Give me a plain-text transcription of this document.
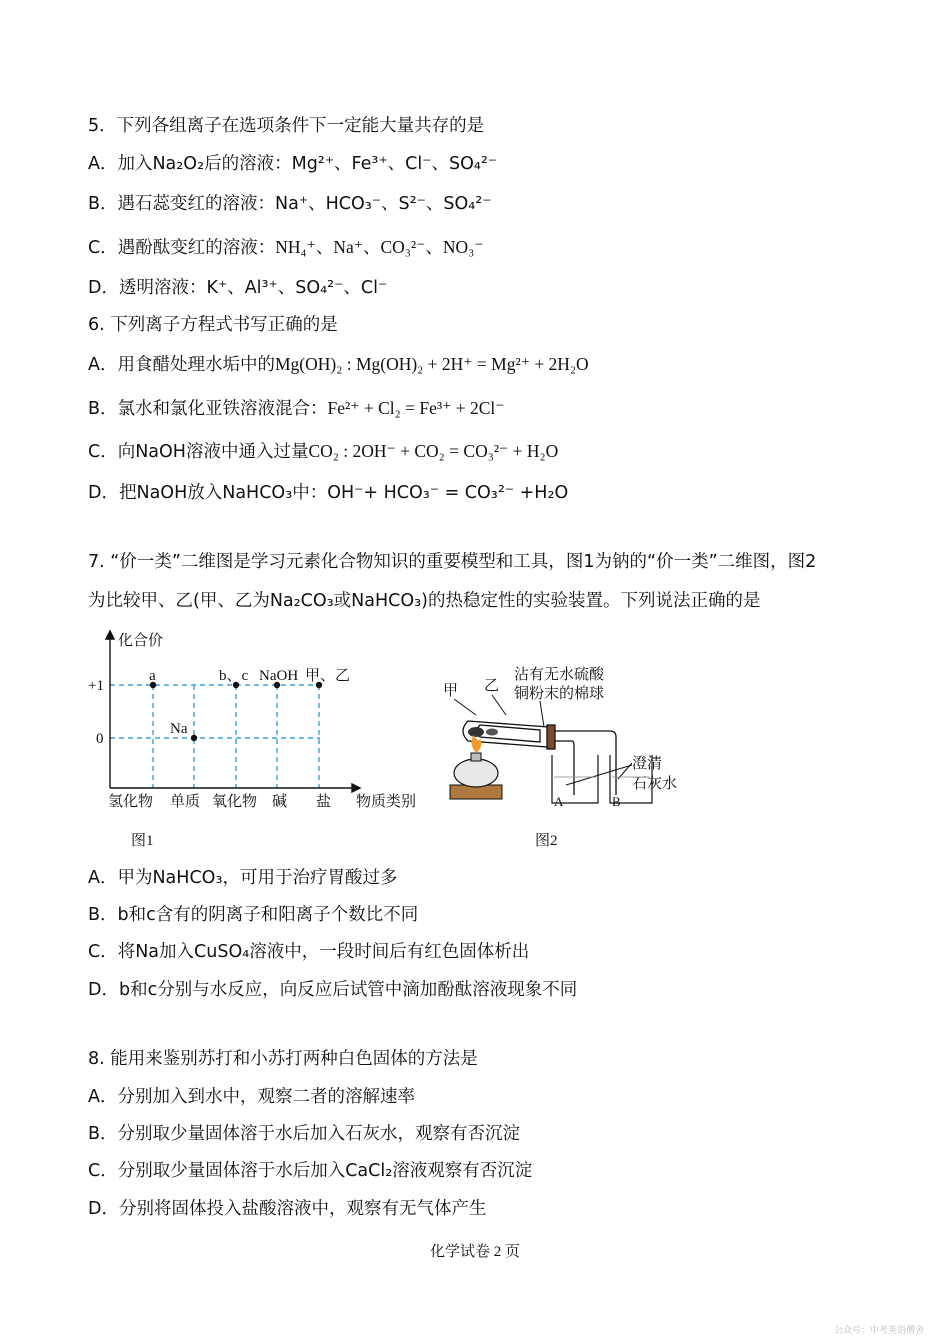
5．下列各组离子在选项条件下一定能大量共存的是
A．加入Na₂O₂后的溶液：Mg²⁺、Fe³⁺、Cl⁻、SO₄²⁻
B．遇石蕊变红的溶液：Na⁺、HCO₃⁻、S²⁻、SO₄²⁻
C．遇酚酞变红的溶液：NH₄⁺、Na⁺、CO₃²⁻、NO₃⁻
D．透明溶液：K⁺、Al³⁺、SO₄²⁻、Cl⁻
6. 下列离子方程式书写正确的是
A．用食醋处理水垢中的Mg(OH)₂ : Mg(OH)₂ + 2H⁺ = Mg²⁺ + 2H₂O
B．氯水和氯化亚铁溶液混合：Fe²⁺ + Cl₂ = Fe³⁺ + 2Cl⁻
C．向NaOH溶液中通入过量CO₂ : 2OH⁻ + CO₂ = CO₃²⁻ + H₂O
D．把NaOH放入NaHCO₃中：OH⁻+ HCO₃⁻ = CO₃²⁻ +H₂O
7. “价一类”二维图是学习元素化合物知识的重要模型和工具，图1为钠的“价一类”二维图，图2
为比较甲、乙(甲、乙为Na₂CO₃或NaHCO₃)的热稳定性的实验装置。下列说法正确的是
化合价
+1
0
a
Na
b、c NaOH 甲、乙
氢化物 单质 氧化物 碱 盐 物质类别
图1
甲 乙
沾有无水硫酸
铜粉末的棉球
澄清
石灰水
A	B
图2
A．甲为NaHCO₃，可用于治疗胃酸过多
B．b和c含有的阴离子和阳离子个数比不同
C．将Na加入CuSO₄溶液中，一段时间后有红色固体析出
D．b和c分别与水反应，向反应后试管中滴加酚酞溶液现象不同
8. 能用来鉴别苏打和小苏打两种白色固体的方法是
A．分别加入到水中，观察二者的溶解速率
B．分别取少量固体溶于水后加入石灰水，观察有否沉淀
C．分别取少量固体溶于水后加入CaCl₂溶液观察有否沉淀
D．分别将固体投入盐酸溶液中，观察有无气体产生
化学试卷 2 页
公众号：中考英语僧舍
